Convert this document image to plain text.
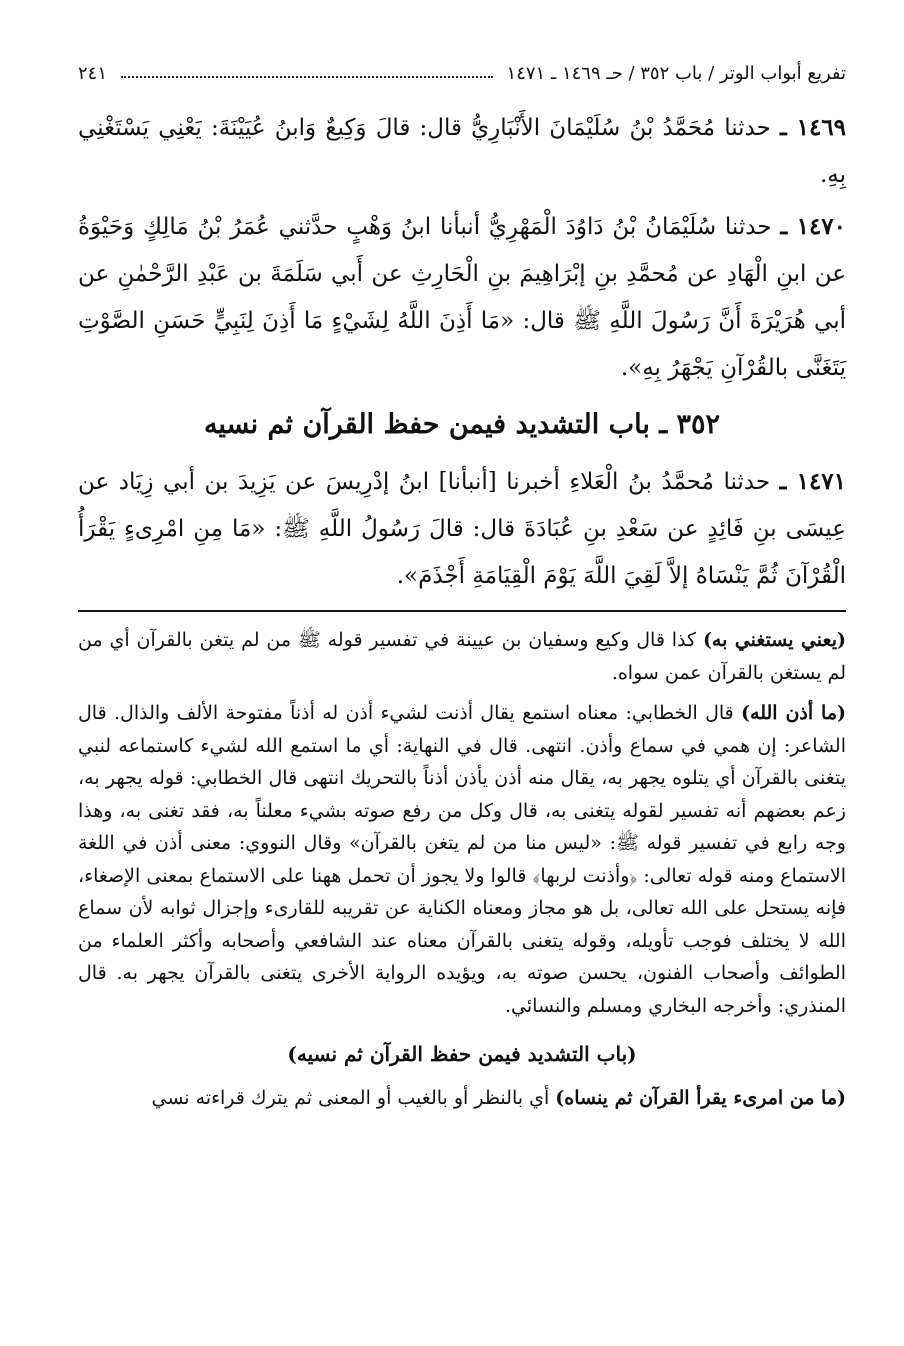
تفريع أبواب الوتر / باب ٣٥٢ / حـ ١٤٦٩ ـ ١٤٧١
٢٤١

١٤٦٩ ـ حدثنا مُحَمَّدُ بْنُ سُلَيْمَانَ الأَنْبَارِيُّ قال: قالَ وَكِيعٌ وَابنُ عُيَيْنَةَ: يَعْنِي يَسْتَغْنِي بِهِ.

١٤٧٠ ـ حدثنا سُلَيْمَانُ بْنُ دَاوُدَ الْمَهْرِيُّ أنبأنا ابنُ وَهْبٍ حدَّثني عُمَرُ بْنُ مَالِكٍ وَحَيْوَةُ عن ابنِ الْهَادِ عن مُحمَّدِ بنِ إبْرَاهِيمَ بنِ الْحَارِثِ عن أَبي سَلَمَةَ بن عَبْدِ الرَّحْمٰنِ عن أبي هُرَيْرَةَ أَنَّ رَسُولَ اللَّهِ ﷺ قال: «مَا أَذِنَ اللَّهُ لِشَيْءٍ مَا أَذِنَ لِنَبِيٍّ حَسَنِ الصَّوْتِ يَتَغَنَّى بالقُرْآنِ يَجْهَرُ بِهِ».

٣٥٢ ـ باب التشديد فيمن حفظ القرآن ثم نسيه

١٤٧١ ـ حدثنا مُحمَّدُ بنُ الْعَلاءِ أخبرنا [أنبأنا] ابنُ إدْرِيسَ عن يَزِيدَ بن أبي زِيَاد عن عِيسَى بنِ فَائِدٍ عن سَعْدِ بنِ عُبَادَةَ قال: قالَ رَسُولُ اللَّهِ ﷺ: «مَا مِنِ امْرِىءٍ يَقْرَأُ الْقُرْآنَ ثُمَّ يَنْسَاهُ إلاَّ لَقِيَ اللَّهَ يَوْمَ الْقِيَامَةِ أَجْذَمَ».

(يعني يستغني به) كذا قال وكيع وسفيان بن عيينة في تفسير قوله ﷺ من لم يتغن بالقرآن أي من لم يستغن بالقرآن عمن سواه.

(ما أذن الله) قال الخطابي: معناه استمع يقال أذنت لشيء أذن له أذناً مفتوحة الألف والذال. قال الشاعر: إن همي في سماع وأذن. انتهى. قال في النهاية: أي ما استمع الله لشيء كاستماعه لنبي يتغنى بالقرآن أي يتلوه يجهر به، يقال منه أذن يأذن أذناً بالتحريك انتهى قال الخطابي: قوله يجهر به، زعم بعضهم أنه تفسير لقوله يتغنى به، قال وكل من رفع صوته بشيء معلناً به، فقد تغنى به، وهذا وجه رابع في تفسير قوله ﷺ: «ليس منا من لم يتغن بالقرآن» وقال النووي: معنى أذن في اللغة الاستماع ومنه قوله تعالى: ﴿وأذنت لربها﴾ قالوا ولا يجوز أن تحمل ههنا على الاستماع بمعنى الإصغاء، فإنه يستحل على الله تعالى، بل هو مجاز ومعناه الكناية عن تقريبه للقارىء وإجزال ثوابه لأن سماع الله لا يختلف فوجب تأويله، وقوله يتغنى بالقرآن معناه عند الشافعي وأصحابه وأكثر العلماء من الطوائف وأصحاب الفنون، يحسن صوته به، ويؤيده الرواية الأخرى يتغنى بالقرآن يجهر به. قال المنذري: وأخرجه البخاري ومسلم والنسائي.

(باب التشديد فيمن حفظ القرآن ثم نسيه)

(ما من امرىء يقرأ القرآن ثم ينساه) أي بالنظر أو بالغيب أو المعنى ثم يترك قراءته نسي
